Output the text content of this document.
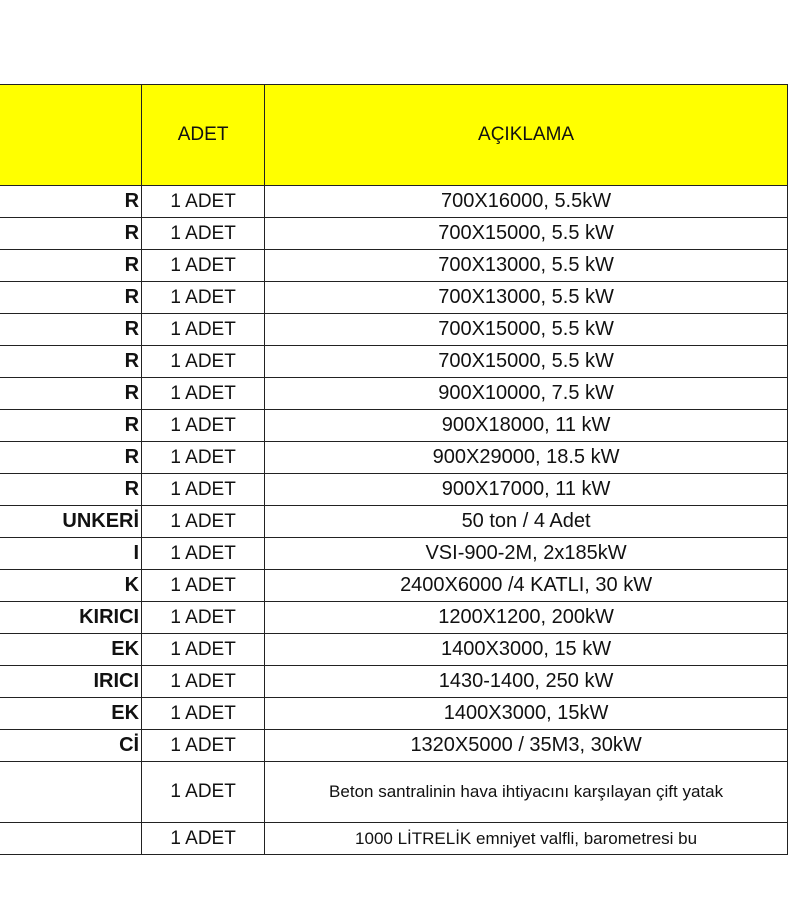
	ADET	AÇIKLAMA
R	1 ADET	700X16000, 5.5kW
R	1 ADET	700X15000, 5.5 kW
R	1 ADET	700X13000, 5.5 kW
R	1 ADET	700X13000, 5.5 kW
R	1 ADET	700X15000, 5.5 kW
R	1 ADET	700X15000, 5.5 kW
R	1 ADET	900X10000, 7.5 kW
R	1 ADET	900X18000, 11 kW
R	1 ADET	900X29000, 18.5 kW
R	1 ADET	900X17000, 11 kW
UNKERİ	1 ADET	50 ton / 4 Adet
I	1 ADET	VSI-900-2M, 2x185kW
K	1 ADET	2400X6000 /4 KATLI, 30 kW
KIRICI	1 ADET	1200X1200, 200kW
EK	1 ADET	1400X3000, 15 kW
IRICI	1 ADET	1430-1400, 250 kW
EK	1 ADET	1400X3000, 15kW
Cİ	1 ADET	1320X5000 / 35M3, 30kW
	1 ADET	Beton santralinin hava ihtiyacını karşılayan çift yatak
	1 ADET	1000 LİTRELİK emniyet valfli, barometresi bu
